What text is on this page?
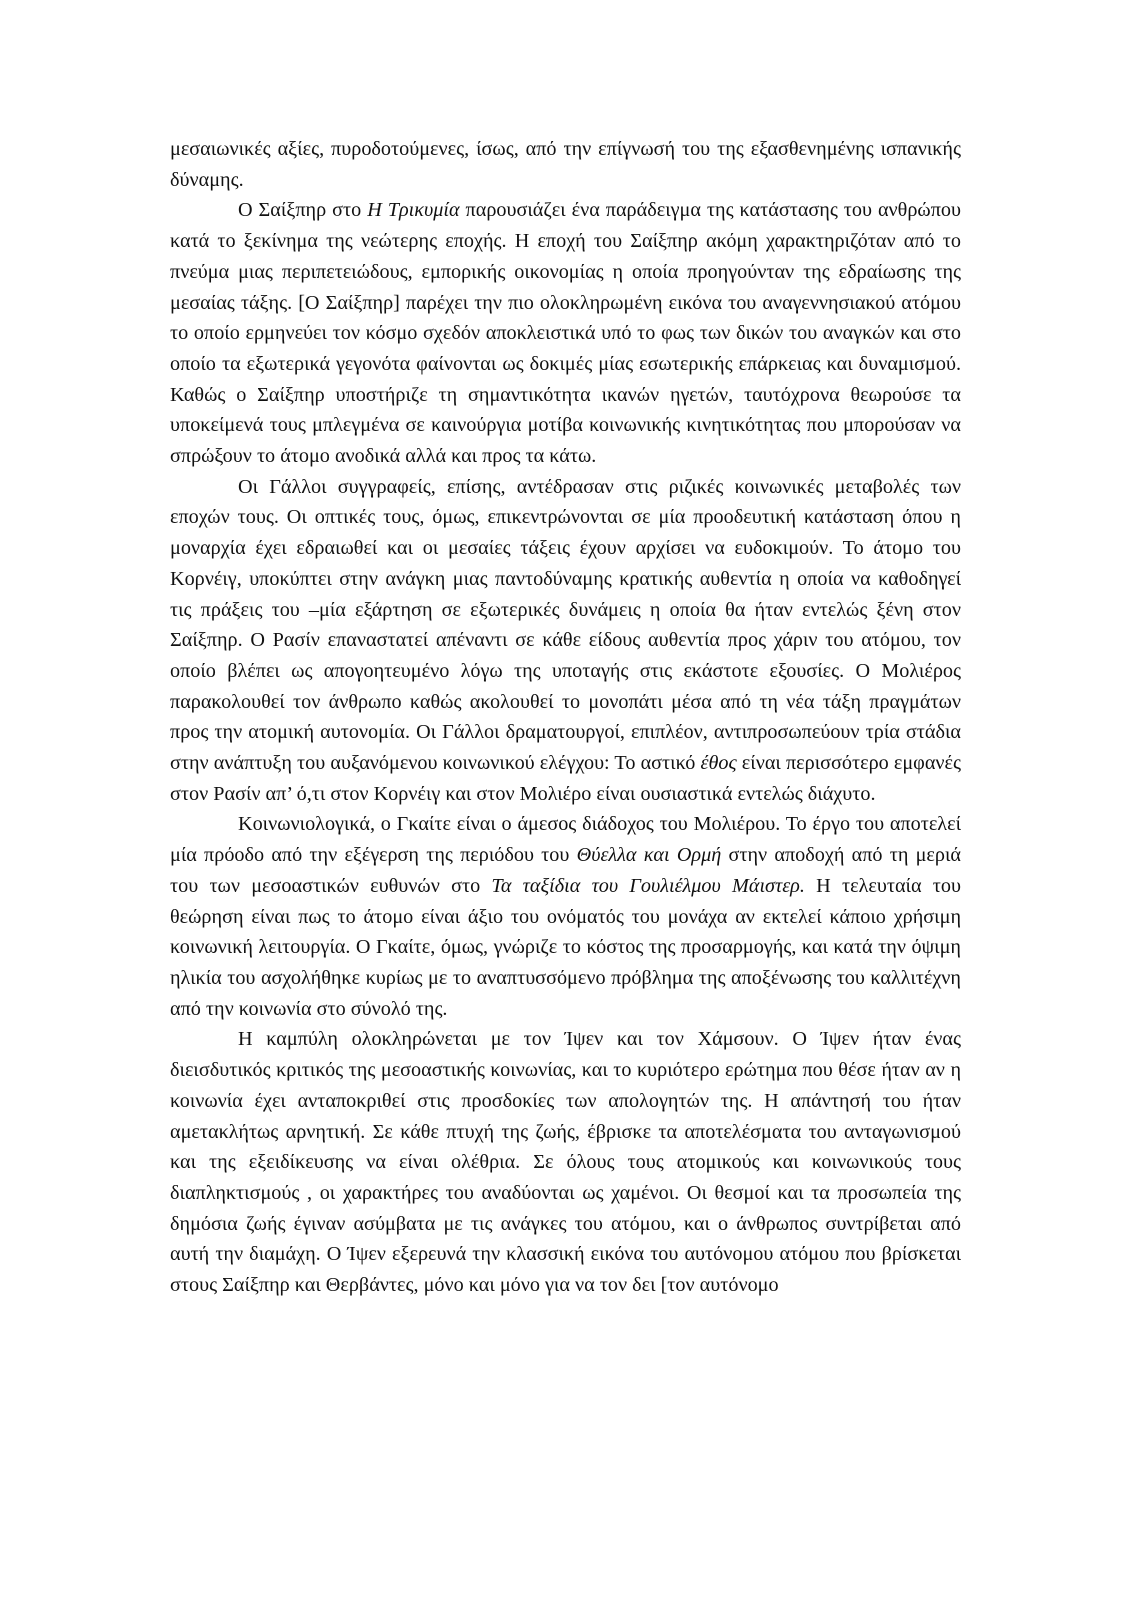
μεσαιωνικές αξίες, πυροδοτούμενες, ίσως, από την επίγνωσή του της εξασθενημένης ισπανικής δύναμης.

Ο Σαίξπηρ στο Η Τρικυμία παρουσιάζει ένα παράδειγμα της κατάστασης του ανθρώπου κατά το ξεκίνημα της νεώτερης εποχής. Η εποχή του Σαίξπηρ ακόμη χαρακτηριζόταν από το πνεύμα μιας περιπετειώδους, εμπορικής οικονομίας η οποία προηγούνταν της εδραίωσης της μεσαίας τάξης. [Ο Σαίξπηρ] παρέχει την πιο ολοκληρωμένη εικόνα του αναγεννησιακού ατόμου το οποίο ερμηνεύει τον κόσμο σχεδόν αποκλειστικά υπό το φως των δικών του αναγκών και στο οποίο τα εξωτερικά γεγονότα φαίνονται ως δοκιμές μίας εσωτερικής επάρκειας και δυναμισμού. Καθώς ο Σαίξπηρ υποστήριζε τη σημαντικότητα ικανών ηγετών, ταυτόχρονα θεωρούσε τα υποκείμενά τους μπλεγμένα σε καινούργια μοτίβα κοινωνικής κινητικότητας που μπορούσαν να σπρώξουν το άτομο ανοδικά αλλά και προς τα κάτω.

Οι Γάλλοι συγγραφείς, επίσης, αντέδρασαν στις ριζικές κοινωνικές μεταβολές των εποχών τους. Οι οπτικές τους, όμως, επικεντρώνονται σε μία προοδευτική κατάσταση όπου η μοναρχία έχει εδραιωθεί και οι μεσαίες τάξεις έχουν αρχίσει να ευδοκιμούν. Το άτομο του Κορνέιγ, υποκύπτει στην ανάγκη μιας παντοδύναμης κρατικής αυθεντία η οποία να καθοδηγεί τις πράξεις του –μία εξάρτηση σε εξωτερικές δυνάμεις η οποία θα ήταν εντελώς ξένη στον Σαίξπηρ. Ο Ρασίν επαναστατεί απέναντι σε κάθε είδους αυθεντία προς χάριν του ατόμου, τον οποίο βλέπει ως απογοητευμένο λόγω της υποταγής στις εκάστοτε εξουσίες. Ο Μολιέρος παρακολουθεί τον άνθρωπο καθώς ακολουθεί το μονοπάτι μέσα από τη νέα τάξη πραγμάτων προς την ατομική αυτονομία. Οι Γάλλοι δραματουργοί, επιπλέον, αντιπροσωπεύουν τρία στάδια στην ανάπτυξη του αυξανόμενου κοινωνικού ελέγχου: Το αστικό έθος είναι περισσότερο εμφανές στον Ρασίν απ’ ό,τι στον Κορνέιγ και στον Μολιέρο είναι ουσιαστικά εντελώς διάχυτο.

Κοινωνιολογικά, ο Γκαίτε είναι ο άμεσος διάδοχος του Μολιέρου. Το έργο του αποτελεί μία πρόοδο από την εξέγερση της περιόδου του Θύελλα και Ορμή στην αποδοχή από τη μεριά του των μεσοαστικών ευθυνών στο Τα ταξίδια του Γουλιέλμου Μάιστερ. Η τελευταία του θεώρηση είναι πως το άτομο είναι άξιο του ονόματός του μονάχα αν εκτελεί κάποιο χρήσιμη κοινωνική λειτουργία. Ο Γκαίτε, όμως, γνώριζε το κόστος της προσαρμογής, και κατά την όψιμη ηλικία του ασχολήθηκε κυρίως με το αναπτυσσόμενο πρόβλημα της αποξένωσης του καλλιτέχνη από την κοινωνία στο σύνολό της.

Η καμπύλη ολοκληρώνεται με τον Ίψεν και τον Χάμσουν. Ο Ίψεν ήταν ένας διεισδυτικός κριτικός της μεσοαστικής κοινωνίας, και το κυριότερο ερώτημα που θέσε ήταν αν η κοινωνία έχει ανταποκριθεί στις προσδοκίες των απολογητών της. Η απάντησή του ήταν αμετακλήτως αρνητική. Σε κάθε πτυχή της ζωής, έβρισκε τα αποτελέσματα του ανταγωνισμού και της εξειδίκευσης να είναι ολέθρια. Σε όλους τους ατομικούς και κοινωνικούς τους διαπληκτισμούς , οι χαρακτήρες του αναδύονται ως χαμένοι. Οι θεσμοί και τα προσωπεία της δημόσια ζωής έγιναν ασύμβατα με τις ανάγκες του ατόμου, και ο άνθρωπος συντρίβεται από αυτή την διαμάχη. Ο Ίψεν εξερευνά την κλασσική εικόνα του αυτόνομου ατόμου που βρίσκεται στους Σαίξπηρ και Θερβάντες, μόνο και μόνο για να τον δει [τον αυτόνομο
